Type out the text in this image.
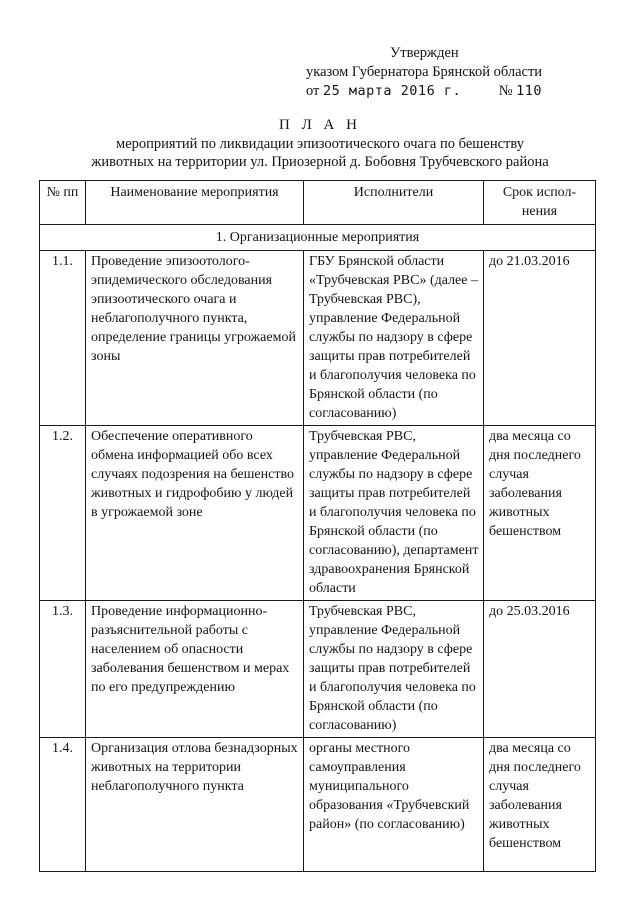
Утвержден
указом Губернатора Брянской области
от 25 марта 2016 г.	№ 110
П Л А Н
мероприятий по ликвидации эпизоотического очага по бешенству
животных на территории ул. Приозерной д. Бобовня Трубчевского района
№ пп	Наименование мероприятия	Исполнители	Срок испол- нения
1. Организационные мероприятия			
1.1.	Проведение эпизоотолого-эпидемического обследования эпизоотического очага и неблагополучного пункта, определение границы угрожаемой зоны	ГБУ Брянской области «Трубчевская РВС» (далее – Трубчевская РВС), управление Федеральной службы по надзору в сфере защиты прав потребителей и благополучия человека по Брянской области (по согласованию)	до 21.03.2016
1.2.	Обеспечение оперативного обмена информацией обо всех случаях подозрения на бешенство животных и гидрофобию у людей в угрожаемой зоне	Трубчевская РВС, управление Федеральной службы по надзору в сфере защиты прав потребителей и благополучия человека по Брянской области (по согласованию), департамент здравоохранения Брянской области	два месяца со дня последнего случая заболевания животных бешенством
1.3.	Проведение информационно-разъяснительной работы с населением об опасности заболевания бешенством и мерах по его предупреждению	Трубчевская РВС, управление Федеральной службы по надзору в сфере защиты прав потребителей и благополучия человека по Брянской области (по согласованию)	до 25.03.2016
1.4.	Организация отлова безнадзорных животных на территории неблагополучного пункта	органы местного самоуправления муниципального образования «Трубчевский район» (по согласованию)	два месяца со дня последнего случая заболевания животных бешенством
